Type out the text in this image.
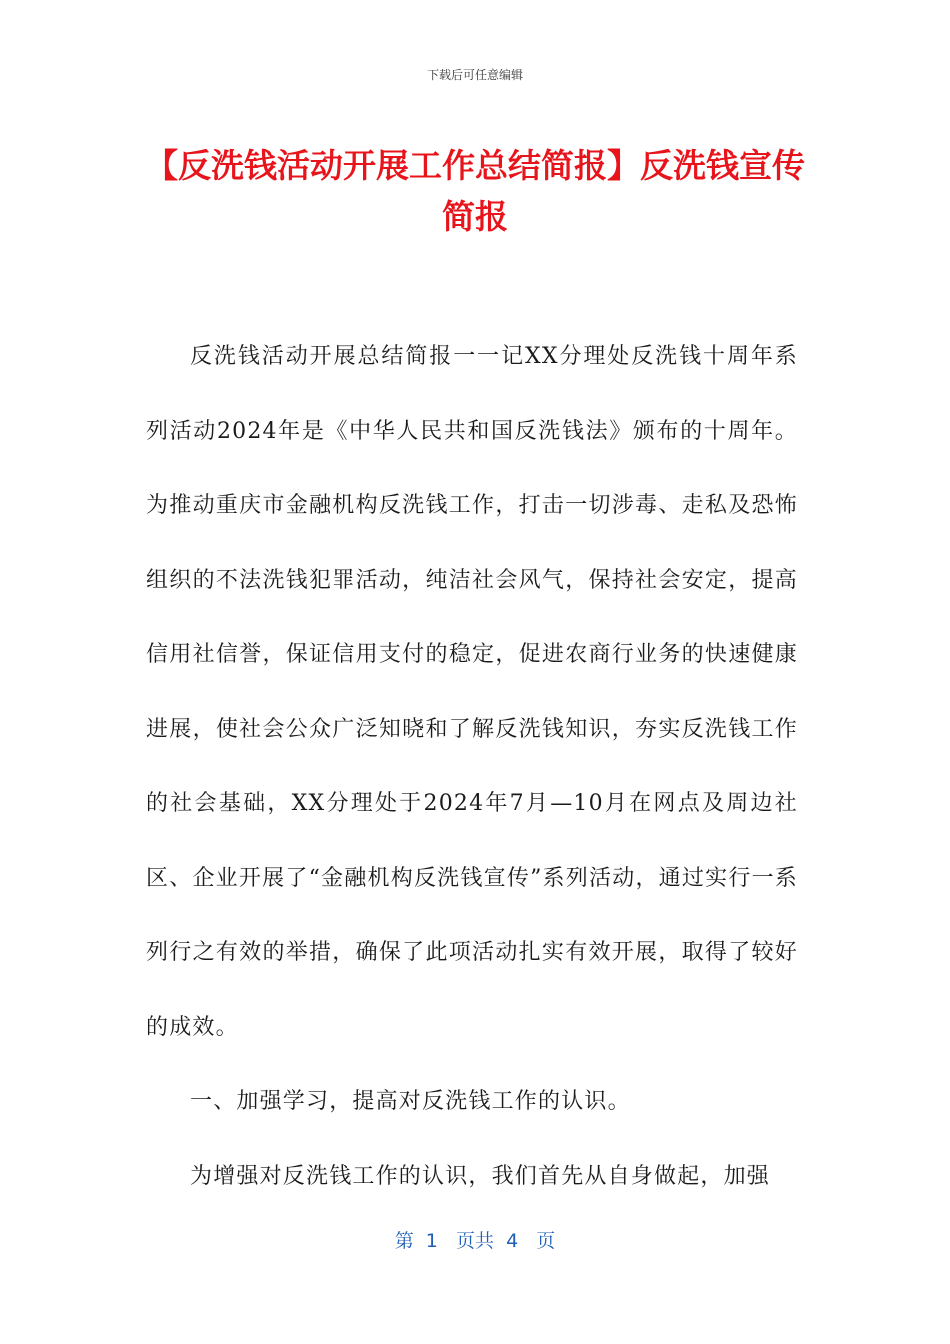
下载后可任意编辑
【反洗钱活动开展工作总结简报】反洗钱宣传简报

反洗钱活动开展总结简报一一记XX分理处反洗钱十周年系列活动2024年是《中华人民共和国反洗钱法》颁布的十周年。为推动重庆市金融机构反洗钱工作，打击一切涉毒、走私及恐怖组织的不法洗钱犯罪活动，纯洁社会风气，保持社会安定，提高信用社信誉，保证信用支付的稳定，促进农商行业务的快速健康进展，使社会公众广泛知晓和了解反洗钱知识，夯实反洗钱工作的社会基础，XX分理处于2024年7月—10月在网点及周边社区、企业开展了“金融机构反洗钱宣传”系列活动，通过实行一系列行之有效的举措，确保了此项活动扎实有效开展，取得了较好的成效。

一、加强学习，提高对反洗钱工作的认识。

为增强对反洗钱工作的认识，我们首先从自身做起，加强

第  1   页共  4   页
